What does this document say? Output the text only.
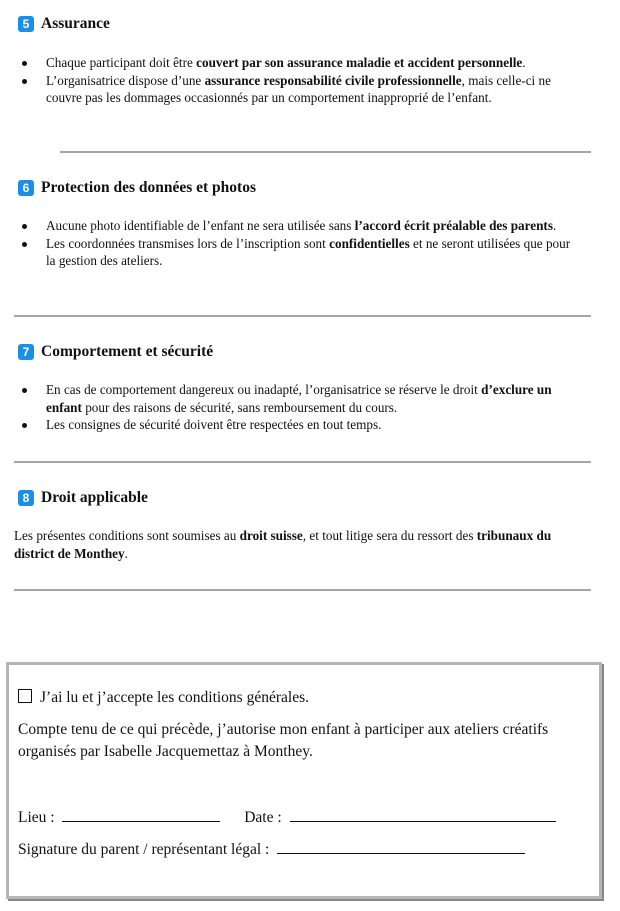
5 Assurance
Chaque participant doit être couvert par son assurance maladie et accident personnelle.
L’organisatrice dispose d’une assurance responsabilité civile professionnelle, mais celle-ci ne couvre pas les dommages occasionnés par un comportement inapproprié de l’enfant.
6 Protection des données et photos
Aucune photo identifiable de l’enfant ne sera utilisée sans l’accord écrit préalable des parents.
Les coordonnées transmises lors de l’inscription sont confidentielles et ne seront utilisées que pour la gestion des ateliers.
7 Comportement et sécurité
En cas de comportement dangereux ou inadapté, l’organisatrice se réserve le droit d’exclure un enfant pour des raisons de sécurité, sans remboursement du cours.
Les consignes de sécurité doivent être respectées en tout temps.
8 Droit applicable
Les présentes conditions sont soumises au droit suisse, et tout litige sera du ressort des tribunaux du district de Monthey.
J’ai lu et j’accepte les conditions générales.
Compte tenu de ce qui précède, j’autorise mon enfant à participer aux ateliers créatifs organisés par Isabelle Jacquemettaz à Monthey.
Lieu :	Date :
Signature du parent / représentant légal :
